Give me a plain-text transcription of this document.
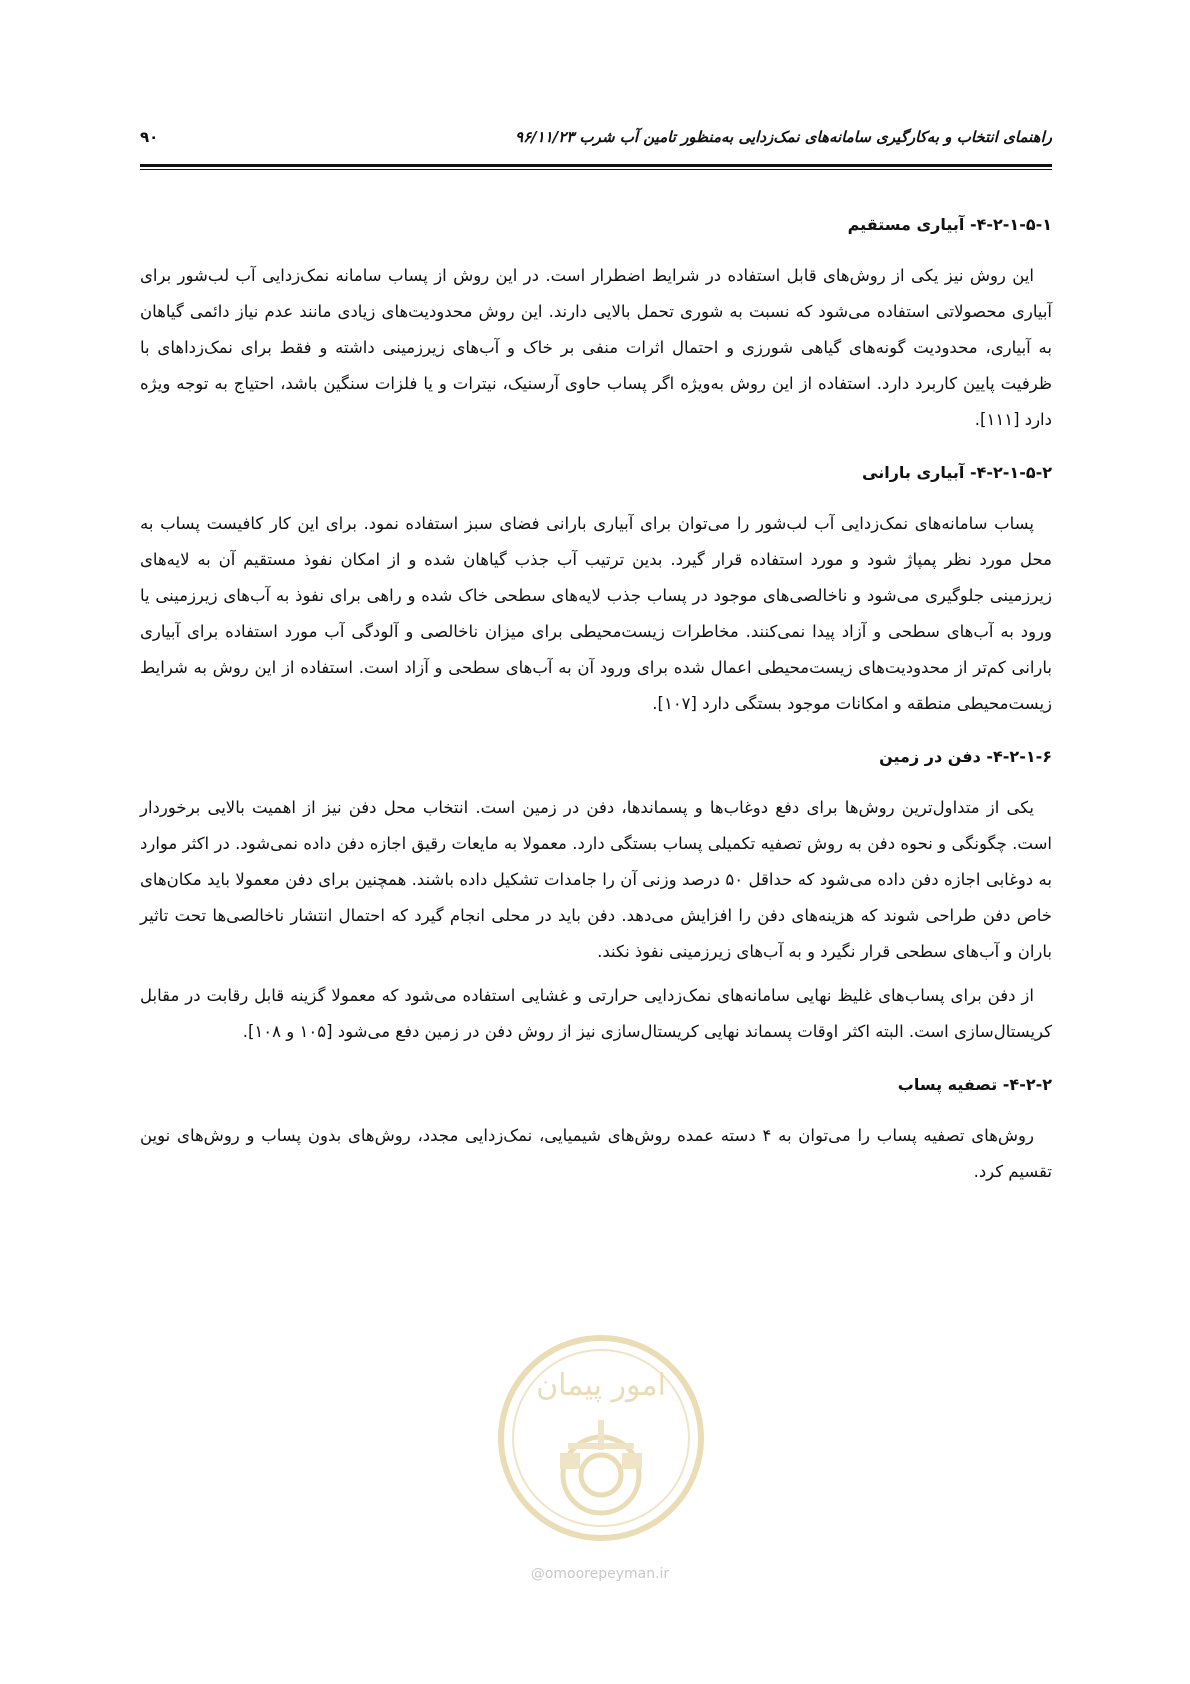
راهنمای انتخاب و به‌کارگیری سامانه‌های نمک‌زدایی به‌منظور تامین آب شرب ۹۶/۱۱/۲۳
۹۰
۴-۲-۱-۵-۱- آبیاری مستقیم

این روش نیز یکی از روش‌های قابل استفاده در شرایط اضطرار است. در این روش از پساب سامانه نمک‌زدایی آب لب‌شور برای آبیاری محصولاتی استفاده می‌شود که نسبت به شوری تحمل بالایی دارند. این روش محدودیت‌های زیادی مانند عدم نیاز دائمی گیاهان به آبیاری، محدودیت گونه‌های گیاهی شورزی و احتمال اثرات منفی بر خاک و آب‌های زیرزمینی داشته و فقط برای نمک‌زداهای با ظرفیت پایین کاربرد دارد. استفاده از این روش به‌ویژه اگر پساب حاوی آرسنیک، نیترات و یا فلزات سنگین باشد، احتیاج به توجه ویژه دارد [۱۱۱].

۴-۲-۱-۵-۲- آبیاری بارانی

پساب سامانه‌های نمک‌زدایی آب لب‌شور را می‌توان برای آبیاری بارانی فضای سبز استفاده نمود. برای این کار کافیست پساب به محل مورد نظر پمپاژ شود و مورد استفاده قرار گیرد. بدین ترتیب آب جذب گیاهان شده و از امکان نفوذ مستقیم آن به لایه‌های زیرزمینی جلوگیری می‌شود و ناخالصی‌های موجود در پساب جذب لایه‌های سطحی خاک شده و راهی برای نفوذ به آب‌های زیرزمینی یا ورود به آب‌های سطحی و آزاد پیدا نمی‌کنند. مخاطرات زیست‌محیطی برای میزان ناخالصی و آلودگی آب مورد استفاده برای آبیاری بارانی کم‌تر از محدودیت‌های زیست‌محیطی اعمال شده برای ورود آن به آب‌های سطحی و آزاد است. استفاده از این روش به شرایط زیست‌محیطی منطقه و امکانات موجود بستگی دارد [۱۰۷].

۴-۲-۱-۶- دفن در زمین

یکی از متداول‌ترین روش‌ها برای دفع دوغاب‌ها و پسماندها، دفن در زمین است. انتخاب محل دفن نیز از اهمیت بالایی برخوردار است. چگونگی و نحوه دفن به روش تصفیه تکمیلی پساب بستگی دارد. معمولا به مایعات رقیق اجازه دفن داده نمی‌شود. در اکثر موارد به دوغابی اجازه دفن داده می‌شود که حداقل ۵۰ درصد وزنی آن را جامدات تشکیل داده باشند. همچنین برای دفن معمولا باید مکان‌های خاص دفن طراحی شوند که هزینه‌های دفن را افزایش می‌دهد. دفن باید در محلی انجام گیرد که احتمال انتشار ناخالصی‌ها تحت تاثیر باران و آب‌های سطحی قرار نگیرد و به آب‌های زیرزمینی نفوذ نکند.

از دفن برای پساب‌های غلیظ نهایی سامانه‌های نمک‌زدایی حرارتی و غشایی استفاده می‌شود که معمولا گزینه قابل رقابت در مقابل کریستال‌سازی است. البته اکثر اوقات پسماند نهایی کریستال‌سازی نیز از روش دفن در زمین دفع می‌شود [۱۰۵ و ۱۰۸].

۴-۲-۲- تصفیه پساب

روش‌های تصفیه پساب را می‌توان به ۴ دسته عمده روش‌های شیمیایی، نمک‌زدایی مجدد، روش‌های بدون پساب و روش‌های نوین تقسیم کرد.

امور پیمان
@omoorepeyman.ir
